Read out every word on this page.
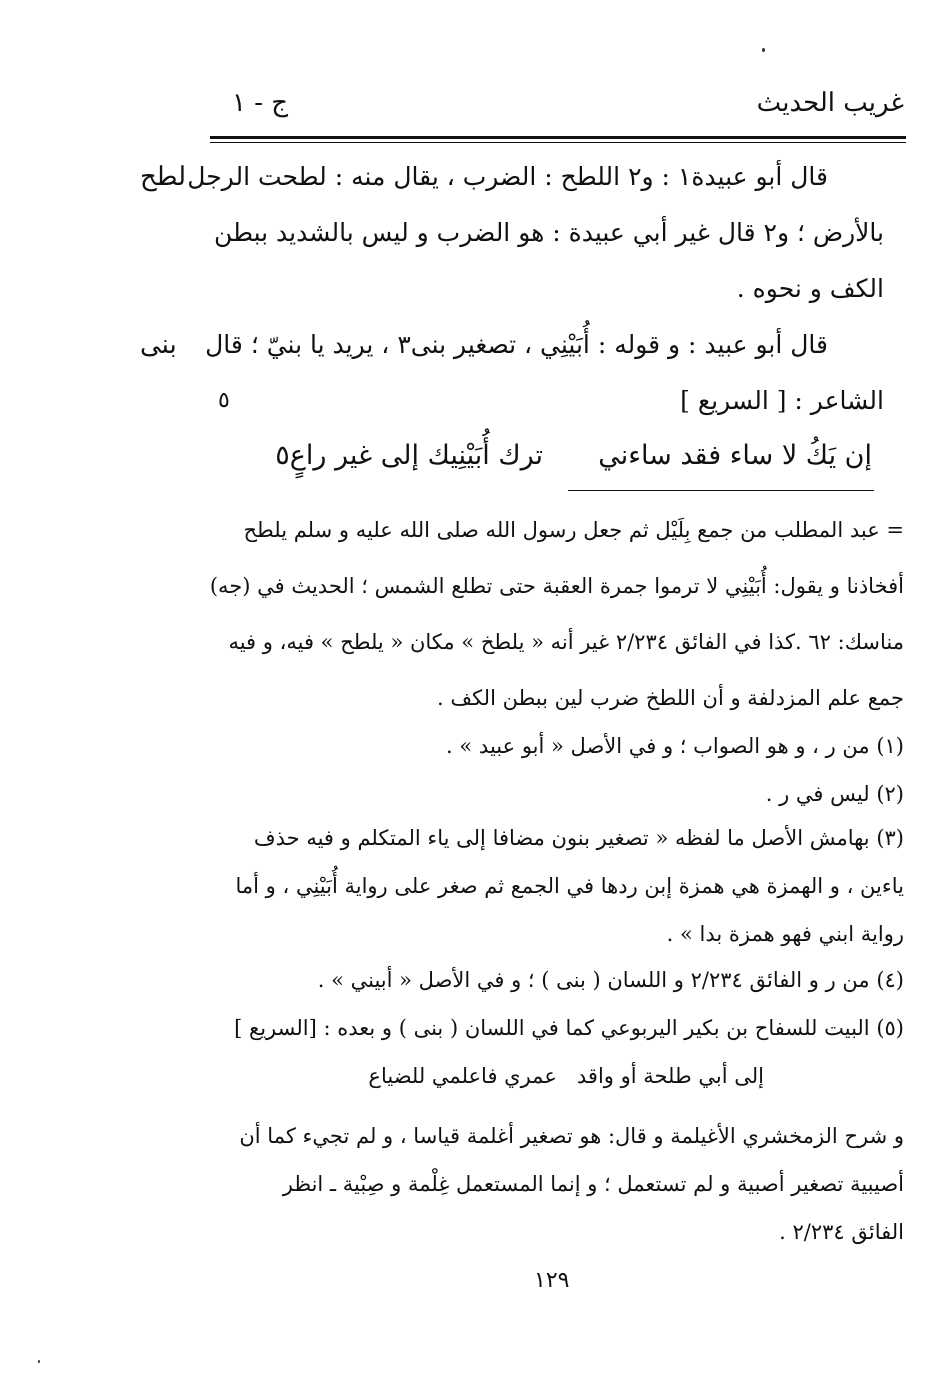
غريب الحديث
ج - ١
لطح
بنى
قال أبو عبيدة١ : و٢ اللطح : الضرب ، يقال منه : لطحت الرجل
بالأرض ؛ و٢ قال غير أبي عبيدة : هو الضرب و ليس بالشديد ببطن
الكف و نحوه .
قال أبو عبيد : و قوله : أُبَيْنِي ، تصغير بنى٣ ، يريد يا بنيّ ؛ قال
الشاعر : [ السريع ]
٥
إن يَكُ لا ساء فقد ساءني  ترك أُبَيْنِيك إلى غير راعٍ٥
= عبد المطلب من جمع بِلَيْل ثم جعل رسول الله صلى الله عليه و سلم يلطح
أفخاذنا و يقول: أُبَيْنِي لا ترموا جمرة العقبة حتى تطلع الشمس ؛ الحديث في (جه)
مناسك: ٦٢ .كذا في الفائق ٢/٢٣٤ غير أنه « يلطخ » مكان « يلطح » فيه، و فيه
جمع علم المزدلفة و أن اللطخ ضرب لين ببطن الكف .
(١) من ر ، و هو الصواب ؛ و في الأصل « أبو عبيد » .
(٢) ليس في ر .
(٣) بهامش الأصل ما لفظه « تصغير بنون مضافا إلى ياء المتكلم و فيه حذف
ياءين ، و الهمزة هي همزة إبن ردها في الجمع ثم صغر على رواية أُبَيْنِي ، و أما
رواية ابني فهو همزة بدا » .
(٤) من ر و الفائق ٢/٢٣٤ و اللسان ( بنى ) ؛ و في الأصل « أبيني » .
(٥) البيت للسفاح بن بكير اليربوعي كما في اللسان ( بنى ) و بعده : [السريع ]
إلى أبي طلحة أو واقد   عمري فاعلمي للضياع
و شرح الزمخشري الأغيلمة و قال: هو تصغير أغلمة قياسا ، و لم تجيء كما أن
أصيبية تصغير أصبية و لم تستعمل ؛ و إنما المستعمل غِلْمة و صِبْية ـ انظر
الفائق ٢/٢٣٤ .
١٢٩
